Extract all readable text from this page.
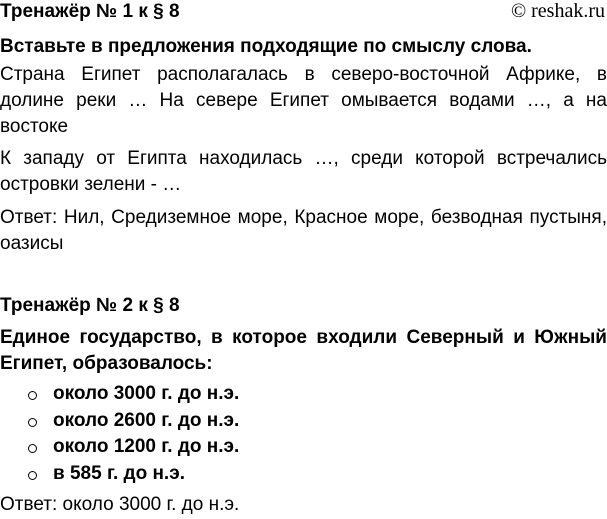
© reshak.ru
Тренажёр № 1 к § 8
Вставьте в предложения подходящие по смыслу слова.
Страна Египет располагалась в северо-восточной Африке, в долине реки … На севере Египет омывается водами …, а на востоке
К западу от Египта находилась …, среди которой встречались островки зелени - …
Ответ: Нил, Средиземное море, Красное море, безводная пустыня, оазисы
Тренажёр № 2 к § 8
Единое государство, в которое входили Северный и Южный Египет, образовалось:
около 3000 г. до н.э.
около 2600 г. до н.э.
около 1200 г. до н.э.
в 585 г. до н.э.
Ответ: около 3000 г. до н.э.
